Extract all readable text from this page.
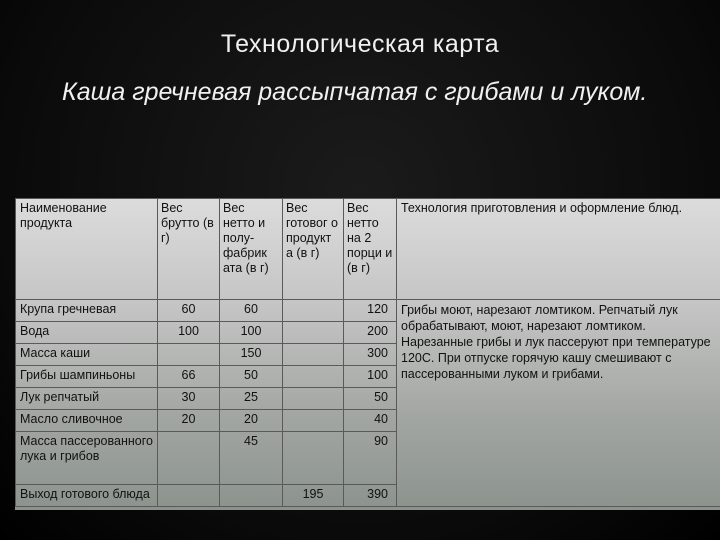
Технологическая карта
Каша гречневая рассыпчатая с грибами и луком.
Наименование продукта	Вес брутто (в г)	Вес нетто и полу-фабрик ата (в г)	Вес готовог о продукт а (в г)	Вес нетто на 2 порци и (в г)	Технология приготовления и оформление блюд.
Крупа гречневая	60	60		120	Грибы моют, нарезают ломтиком. Репчатый лук обрабатывают, моют, нарезают ломтиком. Нарезанные грибы и лук пассеруют при температуре 120С. При отпуске горячую кашу смешивают с пассерованными луком и грибами.
Вода	100	100		200	
Масса каши		150		300	
Грибы шампиньоны	66	50		100	
Лук репчатый	30	25		50	
Масло сливочное	20	20		40	
Масса пассерованного лука и грибов		45		90	
Выход готового блюда			195	390	
